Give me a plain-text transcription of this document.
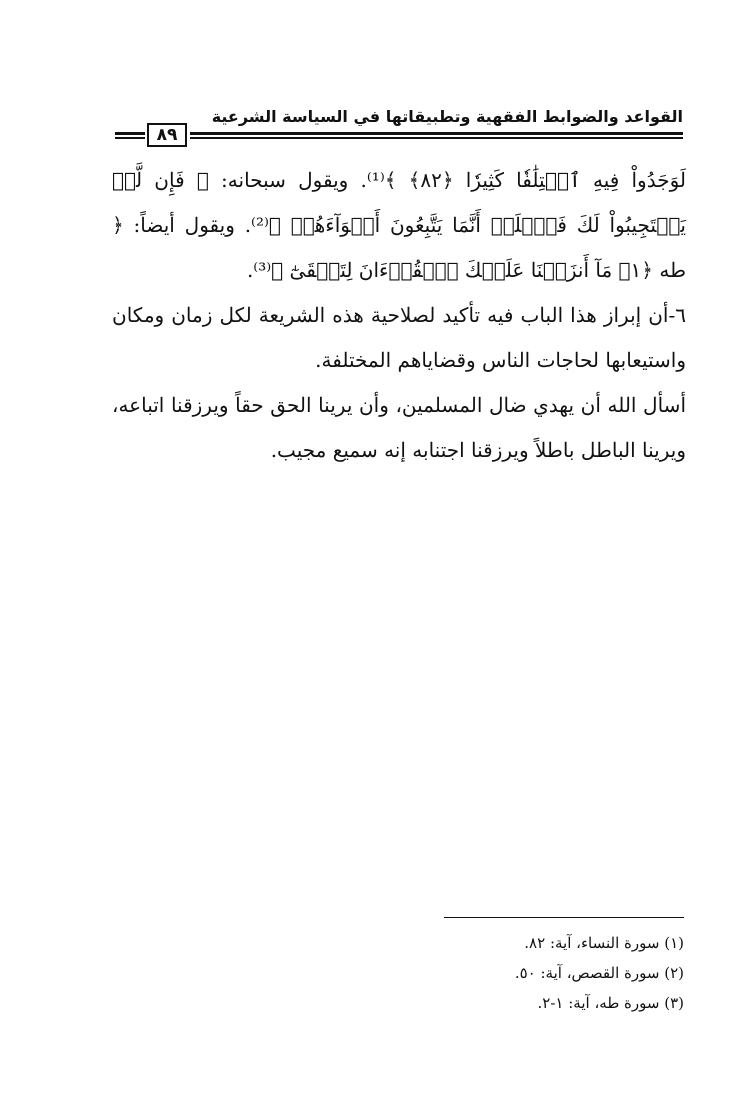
القواعد والضوابط الفقهية وتطبيقاتها في السياسة الشرعية
٨٩

لَوَجَدُواْ فِيهِ ٱخۡتِلَٰفٗا كَثِيرٗا ﴿٨٢﴾ ﴾⁽¹⁾. ويقول سبحانه: ﴿ فَإِن لَّمۡ يَسۡتَجِيبُواْ لَكَ فَٱعۡلَمۡ أَنَّمَا يَتَّبِعُونَ أَهۡوَآءَهُمۡ ﴾⁽²⁾. ويقول أيضاً: ﴿ طه ﴿١﴾ مَآ أَنزَلۡنَا عَلَيۡكَ ٱلۡقُرۡءَانَ لِتَشۡقَىٰٓ ﴾⁽³⁾.

٦-أن إبراز هذا الباب فيه تأكيد لصلاحية هذه الشريعة لكل زمان ومكان واستيعابها لحاجات الناس وقضاياهم المختلفة.

أسأل الله أن يهدي ضال المسلمين، وأن يرينا الحق حقاً ويرزقنا اتباعه، ويرينا الباطل باطلاً ويرزقنا اجتنابه إنه سميع مجيب.

(١) سورة النساء، آية: ٨٢.
(٢) سورة القصص، آية: ٥٠.
(٣) سورة طه، آية: ١-٢.
